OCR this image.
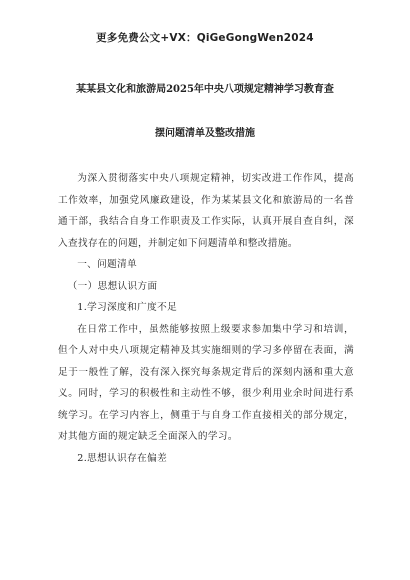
更多免费公文+VX：QiGeGongWen2024
某某县文化和旅游局2025年中央八项规定精神学习教育查
摆问题清单及整改措施

为深入贯彻落实中央八项规定精神，切实改进工作作风，提高工作效率，加强党风廉政建设，作为某某县文化和旅游局的一名普通干部，我结合自身工作职责及工作实际，认真开展自查自纠，深入查找存在的问题，并制定如下问题清单和整改措施。

一、问题清单

（一）思想认识方面

1.学习深度和广度不足

在日常工作中，虽然能够按照上级要求参加集中学习和培训，但个人对中央八项规定精神及其实施细则的学习多停留在表面，满足于一般性了解，没有深入探究每条规定背后的深刻内涵和重大意义。同时，学习的积极性和主动性不够，很少利用业余时间进行系统学习。在学习内容上，侧重于与自身工作直接相关的部分规定，对其他方面的规定缺乏全面深入的学习。

2.思想认识存在偏差
